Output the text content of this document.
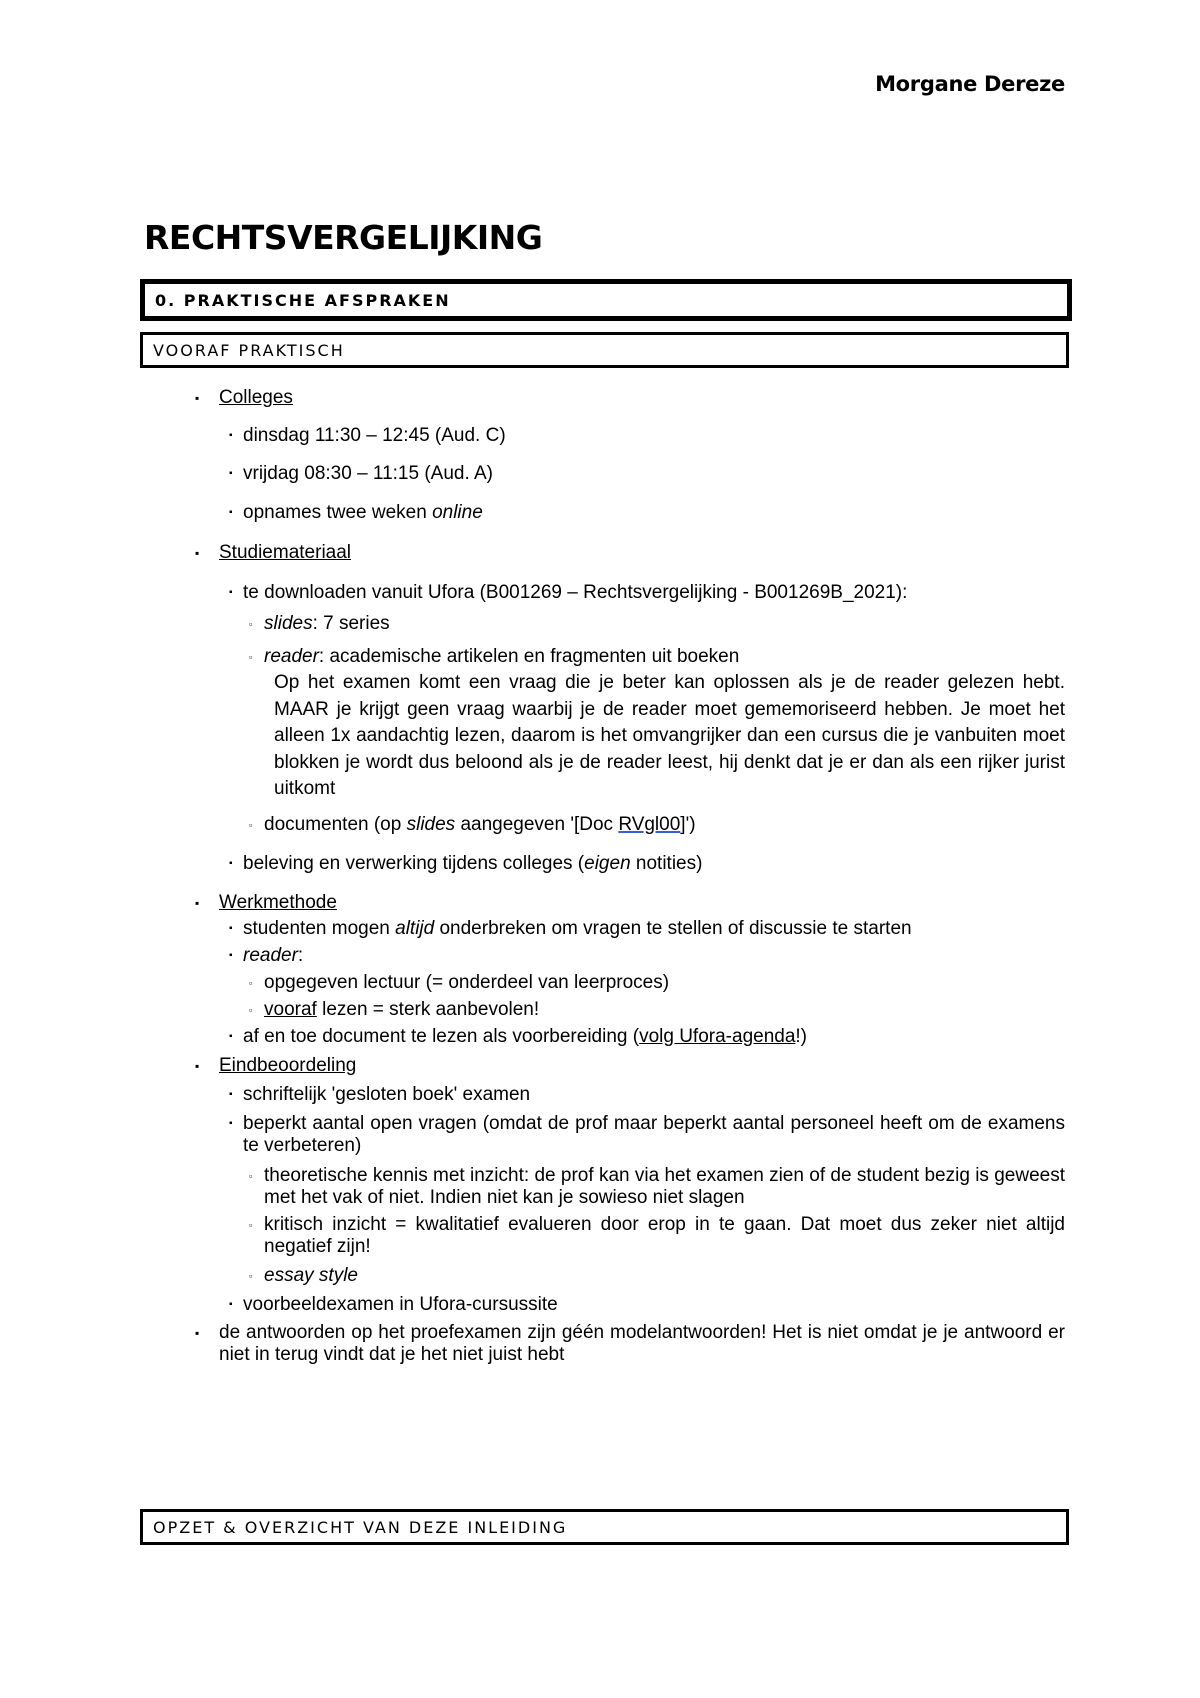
Morgane Dereze
RECHTSVERGELIJKING
0. PRAKTISCHE AFSPRAKEN
VOORAF PRAKTISCH
▪ Colleges
▪ dinsdag 11:30 – 12:45 (Aud. C)
▪ vrijdag 08:30 – 11:15 (Aud. A)
▪ opnames twee weken online
▪ Studiemateriaal
▪ te downloaden vanuit Ufora (B001269 – Rechtsvergelijking - B001269B_2021):
▫ slides: 7 series
▫ reader: academische artikelen en fragmenten uit boeken
Op het examen komt een vraag die je beter kan oplossen als je de reader gelezen hebt. MAAR je krijgt geen vraag waarbij je de reader moet gememoriseerd hebben. Je moet het alleen 1x aandachtig lezen, daarom is het omvangrijker dan een cursus die je vanbuiten moet blokken je wordt dus beloond als je de reader leest, hij denkt dat je er dan als een rijker jurist uitkomt
▫ documenten (op slides aangegeven '[Doc RVgl00]')
▪ beleving en verwerking tijdens colleges (eigen notities)
▪ Werkmethode
▪ studenten mogen altijd onderbreken om vragen te stellen of discussie te starten
▪ reader:
▫ opgegeven lectuur (= onderdeel van leerproces)
▫ vooraf lezen = sterk aanbevolen!
▪ af en toe document te lezen als voorbereiding (volg Ufora-agenda!)
▪ Eindbeoordeling
▪ schriftelijk 'gesloten boek' examen
▪ beperkt aantal open vragen (omdat de prof maar beperkt aantal personeel heeft om de examens te verbeteren)
▫ theoretische kennis met inzicht: de prof kan via het examen zien of de student bezig is geweest met het vak of niet. Indien niet kan je sowieso niet slagen
▫ kritisch inzicht = kwalitatief evalueren door erop in te gaan. Dat moet dus zeker niet altijd negatief zijn!
▫ essay style
▪ voorbeeldexamen in Ufora-cursussite
▪ de antwoorden op het proefexamen zijn géén modelantwoorden! Het is niet omdat je je antwoord er niet in terug vindt dat je het niet juist hebt
OPZET & OVERZICHT VAN DEZE INLEIDING
